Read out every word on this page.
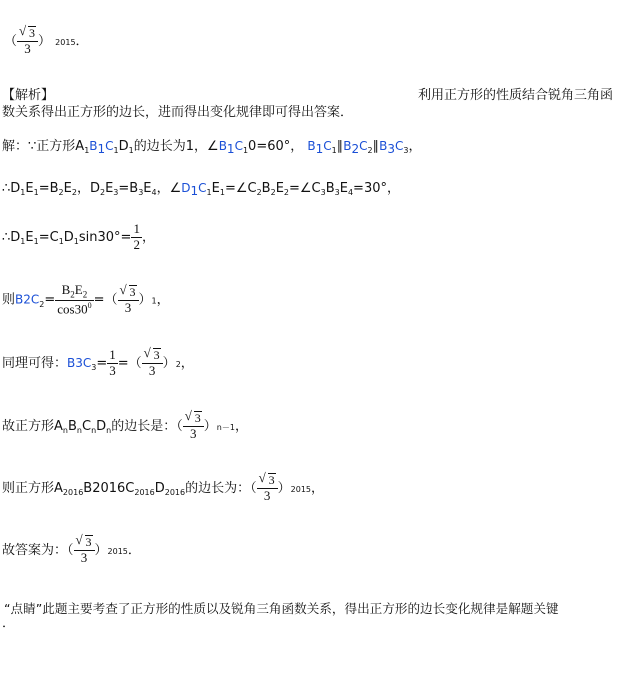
（ √ $\frac{3}{3}$ ） 2015．
【解析】	利用正方形的性质结合锐角三角函
数关系得出正方形的边长，进而得出变化规律即可得出答案．
解：∵正方形$A_1B1C_1D_1$的边长为1，$\angle B1C_10=60^\circ$， $B1C_1\parallel B2C_2\parallel B3C_3$，
$\therefore D_1E_1=B_2E_2$，$D_2E_3=B_3E_4$，$\angle D1C_1E_1=\angle C_2B_2E_2=\angle C_3B_3E_4=30^\circ$，
$\therefore D_1E_1=C_1D_1\sin 30^\circ= \frac{1}{2}$ ，
则$B2C_2= \frac{B_2E_2}{\cos 30^0}$ =（ √ $\frac{3}{3} )1$，
同理可得：$B3C_3= \frac{1}{3}$ =（ √ $\frac{3}{3} )2$，
故正方形$A_nB_nC_nD_n$的边长是：（ √ $\frac{3}{3} )n-1$，
则正方形$A_{2016}B2016C_{2016}D_{2016}$的边长为：（ √ $\frac{3}{3} )2015$，
故答案为：（ √ $\frac{3}{3} )2015$．
“点睛”此题主要考查了正方形的性质以及锐角三角函数关系，得出正方形的边长变化规律是解题关键
．
